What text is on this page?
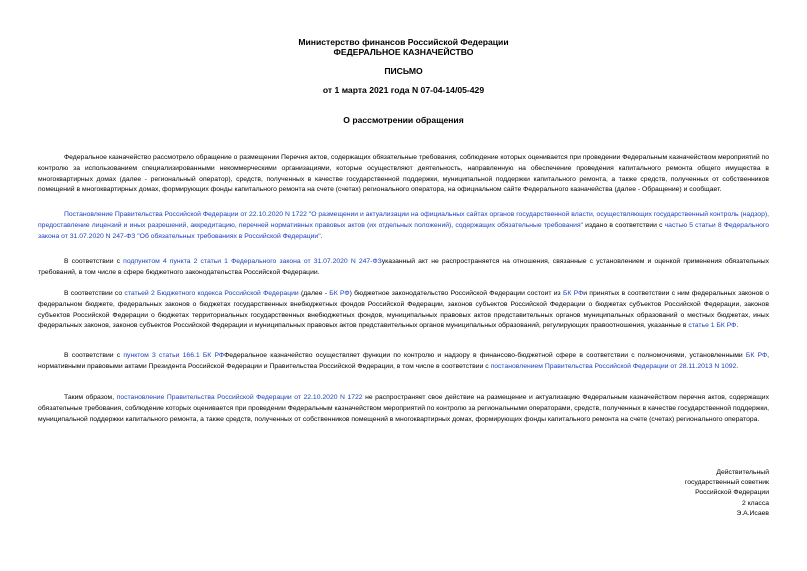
Министерство финансов Российской Федерации
ФЕДЕРАЛЬНОЕ КАЗНАЧЕЙСТВО
ПИСЬМО
от 1 марта 2021 года N 07-04-14/05-429
О рассмотрении обращения
Федеральное казначейство рассмотрело обращение о размещении Перечня актов, содержащих обязательные требования, соблюдение которых оценивается при проведении Федеральным казначейством мероприятий по контролю за использованием специализированными некоммерческими организациями, которые осуществляют деятельность, направленную на обеспечение проведения капитального ремонта общего имущества в многоквартирных домах (далее - региональный оператор), средств, полученных в качестве государственной поддержки, муниципальной поддержки капитального ремонта, а также средств, полученных от собственников помещений в многоквартирных домах, формирующих фонды капитального ремонта на счете (счетах) регионального оператора, на официальном сайте Федерального казначейства (далее - Обращение) и сообщает.
Постановление Правительства Российской Федерации от 22.10.2020 N 1722 "О размещении и актуализации на официальных сайтах органов государственной власти, осуществляющих государственный контроль (надзор), предоставление лицензий и иных разрешений, аккредитацию, перечней нормативных правовых актов (их отдельных положений), содержащих обязательные требования" издано в соответствии с частью 5 статьи 8 Федерального закона от 31.07.2020 N 247-ФЗ "Об обязательных требованиях в Российской Федерации".
В соответствии с подпунктом 4 пункта 2 статьи 1 Федерального закона от 31.07.2020 N 247-ФЗуказанный акт не распространяется на отношения, связанные с установлением и оценкой применения обязательных требований, в том числе в сфере бюджетного законодательства Российской Федерации.
В соответствии со статьей 2 Бюджетного кодекса Российской Федерации (далее - БК РФ) бюджетное законодательство Российской Федерации состоит из БК РФи принятых в соответствии с ним федеральных законов о федеральном бюджете, федеральных законов о бюджетах государственных внебюджетных фондов Российской Федерации, законов субъектов Российской Федерации о бюджетах субъектов Российской Федерации, законов субъектов Российской Федерации о бюджетах территориальных государственных внебюджетных фондов, муниципальных правовых актов представительных органов муниципальных образований о местных бюджетах, иных федеральных законов, законов субъектов Российской Федерации и муниципальных правовых актов представительных органов муниципальных образований, регулирующих правоотношения, указанные в статье 1 БК РФ.
В соответствии с пунктом 3 статьи 166.1 БК РФФедеральное казначейство осуществляет функции по контролю и надзору в финансово-бюджетной сфере в соответствии с полномочиями, установленными БК РФ, нормативными правовыми актами Президента Российской Федерации и Правительства Российской Федерации, в том числе в соответствии с постановлением Правительства Российской Федерации от 28.11.2013 N 1092.
Таким образом, постановление Правительства Российской Федерации от 22.10.2020 N 1722 не распространяет свое действие на размещение и актуализацию Федеральным казначейством перечня актов, содержащих обязательные требования, соблюдение которых оценивается при проведении Федеральным казначейством мероприятий по контролю за региональными операторами, средств, полученных в качестве государственной поддержки, муниципальной поддержки капитального ремонта, а также средств, полученных от собственников помещений в многоквартирных домах, формирующих фонды капитального ремонта на счете (счетах) регионального оператора.
Действительный
государственный советник
Российской Федерации
2 класса
Э.А.Исаев
